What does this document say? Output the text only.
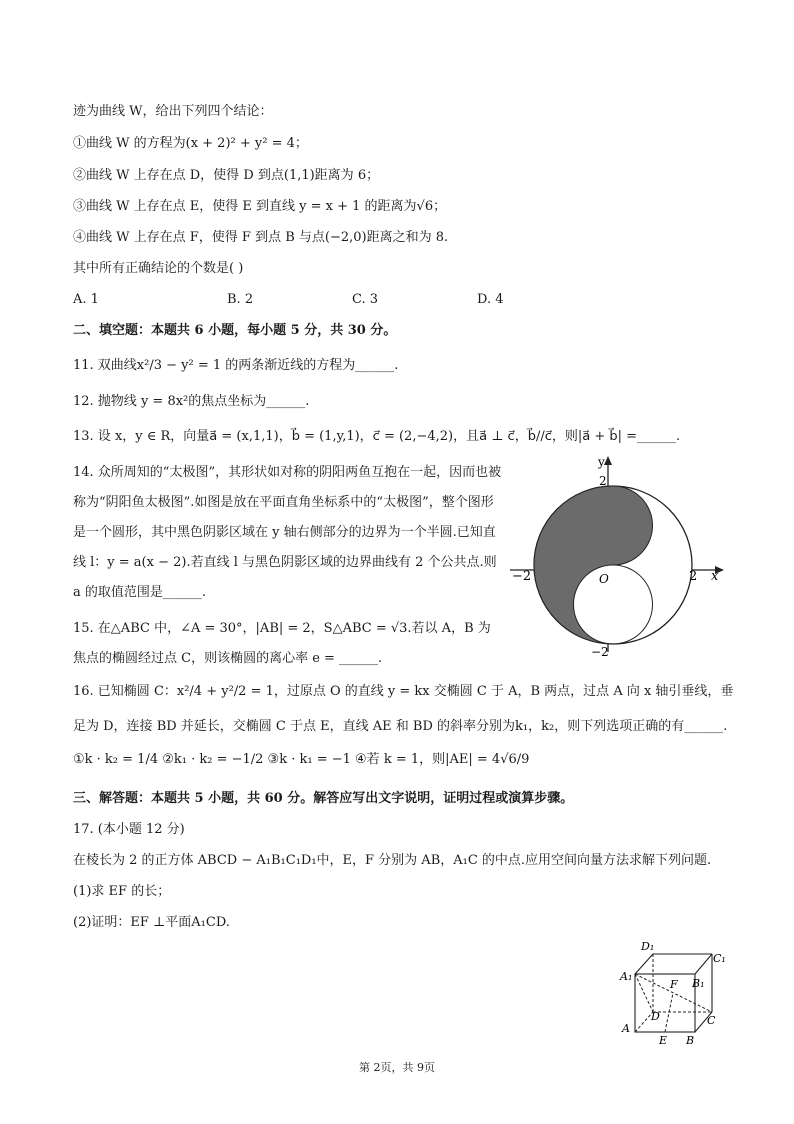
迹为曲线 W，给出下列四个结论：
①曲线 W 的方程为(x + 2)² + y² = 4；
②曲线 W 上存在点 D，使得 D 到点(1,1)距离为 6；
③曲线 W 上存在点 E，使得 E 到直线 y = x + 1 的距离为√6；
④曲线 W 上存在点 F，使得 F 到点 B 与点(−2,0)距离之和为 8.
其中所有正确结论的个数是( )
A. 1	B. 2	C. 3	D. 4
二、填空题：本题共 6 小题，每小题 5 分，共 30 分。
11. 双曲线x²/3 − y² = 1 的两条渐近线的方程为______.
12. 抛物线 y = 8x²的焦点坐标为______.
13. 设 x，y ∈ R，向量a⃗ = (x,1,1)，b⃗ = (1,y,1)，c⃗ = (2,−4,2)，且a⃗ ⊥ c⃗，b⃗//c⃗，则|a⃗ + b⃗| =______.
14. 众所周知的“太极图”，其形状如对称的阴阳两鱼互抱在一起，因而也被称为“阴阳鱼太极图”.如图是放在平面直角坐标系中的“太极图”，整个图形是一个圆形，其中黑色阴影区域在 y 轴右侧部分的边界为一个半圆.已知直线 l：y = a(x − 2).若直线 l 与黑色阴影区域的边界曲线有 2 个公共点.则 a 的取值范围是______.
15. 在△ABC 中，∠A = 30°，|AB| = 2，S△ABC = √3.若以 A，B 为焦点的椭圆经过点 C，则该椭圆的离心率 e = ______.
y
2
x
2
−2	O
−2
16. 已知椭圆 C：x²/4 + y²/2 = 1，过原点 O 的直线 y = kx 交椭圆 C 于 A，B 两点，过点 A 向 x 轴引垂线，垂
足为 D，连接 BD 并延长，交椭圆 C 于点 E，直线 AE 和 BD 的斜率分别为k₁，k₂，则下列选项正确的有______.
①k · k₂ = 1/4 ②k₁ · k₂ = −1/2 ③k · k₁ = −1 ④若 k = 1，则|AE| = 4√6/9
三、解答题：本题共 5 小题，共 60 分。解答应写出文字说明，证明过程或演算步骤。
17. (本小题 12 分)
在棱长为 2 的正方体 ABCD − A₁B₁C₁D₁中，E，F 分别为 AB，A₁C 的中点.应用空间向量方法求解下列问题.
(1)求 EF 的长；
(2)证明：EF ⊥平面A₁CD.
D₁
C₁
A₁
B₁
F
D
A
C
E B
第 2页，共 9页
